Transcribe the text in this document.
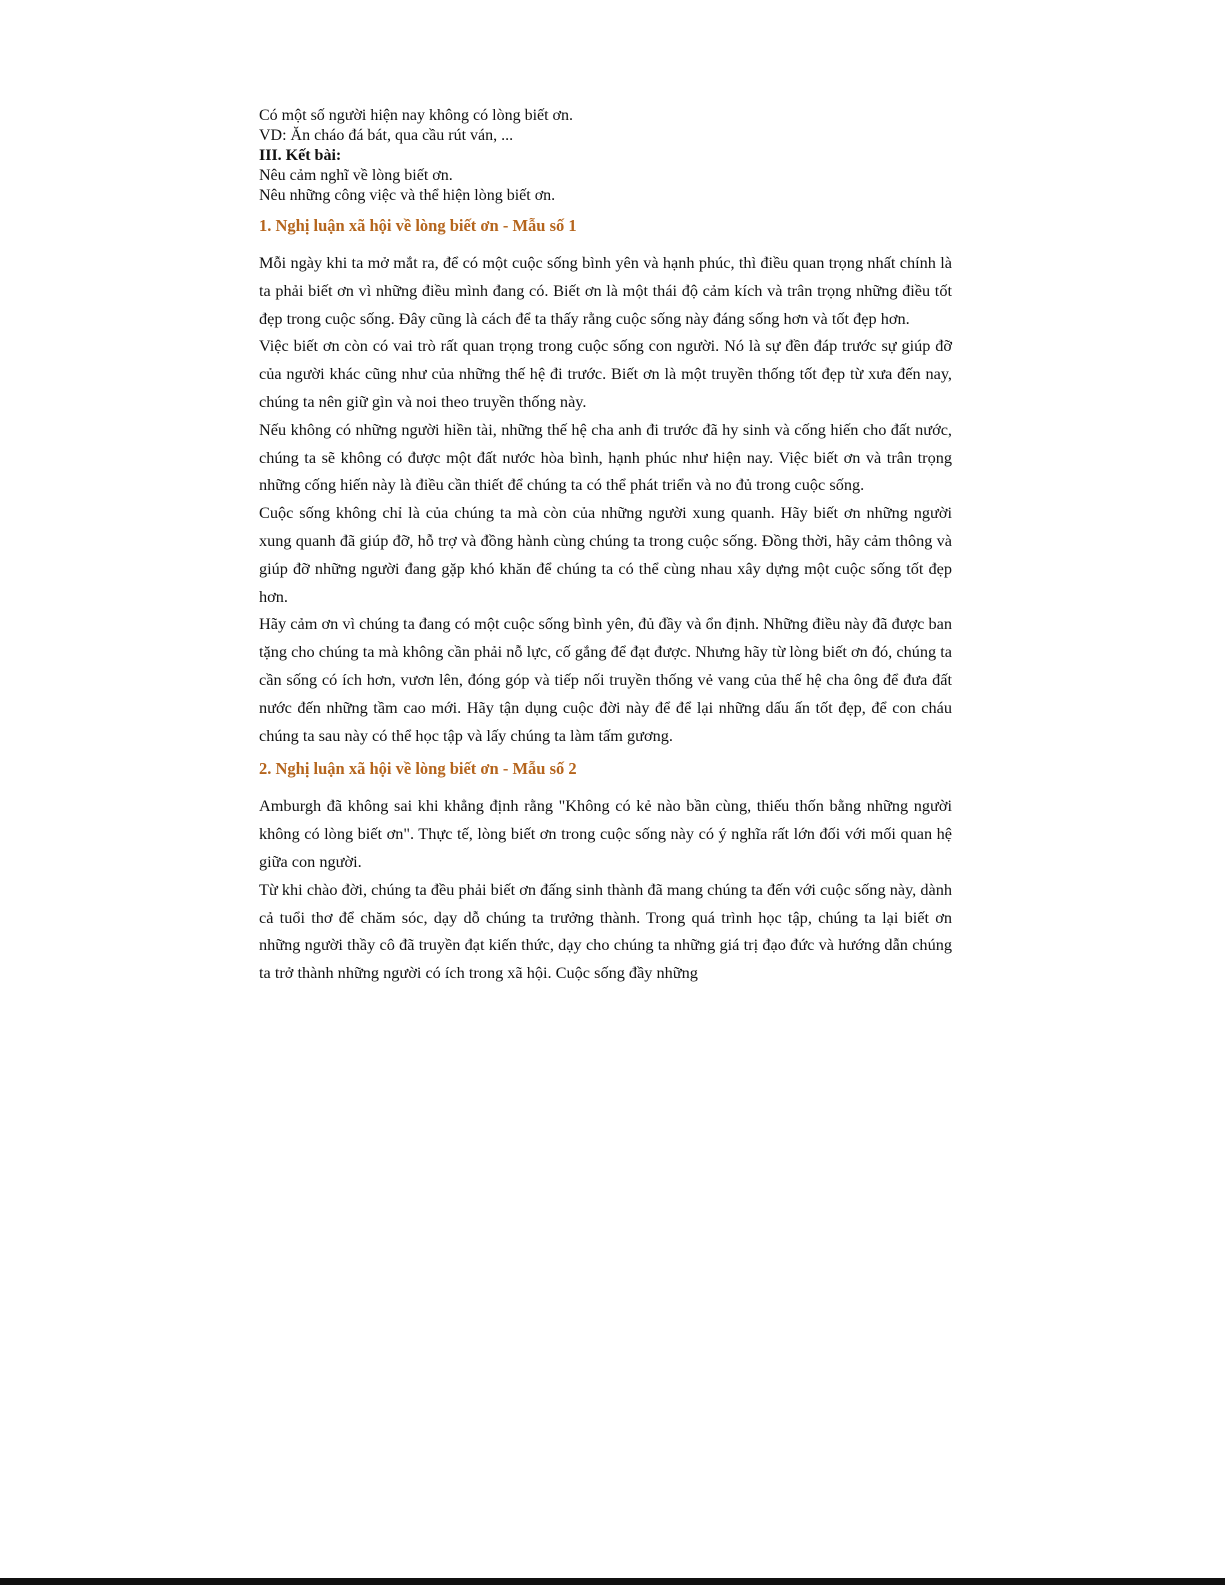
Có một số người hiện nay không có lòng biết ơn.
VD: Ăn cháo đá bát, qua cầu rút ván, ...
III. Kết bài:
Nêu cảm nghĩ về lòng biết ơn.
Nêu những công việc và thể hiện lòng biết ơn.
1. Nghị luận xã hội về lòng biết ơn - Mẫu số 1

Mỗi ngày khi ta mở mắt ra, để có một cuộc sống bình yên và hạnh phúc, thì điều quan trọng nhất chính là ta phải biết ơn vì những điều mình đang có. Biết ơn là một thái độ cảm kích và trân trọng những điều tốt đẹp trong cuộc sống. Đây cũng là cách để ta thấy rằng cuộc sống này đáng sống hơn và tốt đẹp hơn.

Việc biết ơn còn có vai trò rất quan trọng trong cuộc sống con người. Nó là sự đền đáp trước sự giúp đỡ của người khác cũng như của những thế hệ đi trước. Biết ơn là một truyền thống tốt đẹp từ xưa đến nay, chúng ta nên giữ gìn và noi theo truyền thống này.

Nếu không có những người hiền tài, những thế hệ cha anh đi trước đã hy sinh và cống hiến cho đất nước, chúng ta sẽ không có được một đất nước hòa bình, hạnh phúc như hiện nay. Việc biết ơn và trân trọng những cống hiến này là điều cần thiết để chúng ta có thể phát triển và no đủ trong cuộc sống.

Cuộc sống không chỉ là của chúng ta mà còn của những người xung quanh. Hãy biết ơn những người xung quanh đã giúp đỡ, hỗ trợ và đồng hành cùng chúng ta trong cuộc sống. Đồng thời, hãy cảm thông và giúp đỡ những người đang gặp khó khăn để chúng ta có thể cùng nhau xây dựng một cuộc sống tốt đẹp hơn.

Hãy cảm ơn vì chúng ta đang có một cuộc sống bình yên, đủ đầy và ổn định. Những điều này đã được ban tặng cho chúng ta mà không cần phải nỗ lực, cố gắng để đạt được. Nhưng hãy từ lòng biết ơn đó, chúng ta cần sống có ích hơn, vươn lên, đóng góp và tiếp nối truyền thống vẻ vang của thế hệ cha ông để đưa đất nước đến những tầm cao mới. Hãy tận dụng cuộc đời này để để lại những dấu ấn tốt đẹp, để con cháu chúng ta sau này có thể học tập và lấy chúng ta làm tấm gương.

2. Nghị luận xã hội về lòng biết ơn - Mẫu số 2

Amburgh đã không sai khi khẳng định rằng "Không có kẻ nào bần cùng, thiếu thốn bằng những người không có lòng biết ơn". Thực tế, lòng biết ơn trong cuộc sống này có ý nghĩa rất lớn đối với mối quan hệ giữa con người.

Từ khi chào đời, chúng ta đều phải biết ơn đấng sinh thành đã mang chúng ta đến với cuộc sống này, dành cả tuổi thơ để chăm sóc, dạy dỗ chúng ta trưởng thành. Trong quá trình học tập, chúng ta lại biết ơn những người thầy cô đã truyền đạt kiến thức, dạy cho chúng ta những giá trị đạo đức và hướng dẫn chúng ta trở thành những người có ích trong xã hội. Cuộc sống đầy những
